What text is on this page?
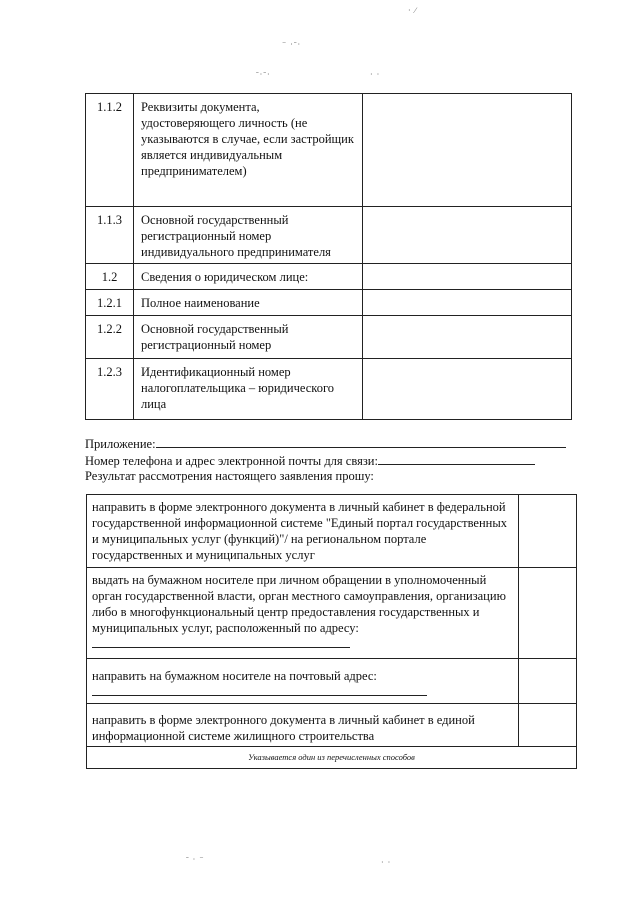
· ⁄
⁻ ·ˉ·
ˉ·ˉ·	· ·
1.1.2	Реквизиты документа, удостоверяющего личность (не указываются в случае, если застройщик является индивидуальным предпринимателем)	
1.1.3	Основной государственный регистрационный номер индивидуального предпринимателя	
1.2	Сведения о юридическом лице:	
1.2.1	Полное наименование	
1.2.2	Основной государственный регистрационный номер	
1.2.3	Идентификационный номер налогоплательщика – юридического лица	
Приложение:
Номер телефона и адрес электронной почты для связи:
Результат рассмотрения настоящего заявления прошу:
направить в форме электронного документа в личный кабинет в федеральной государственной информационной системе "Единый портал государственных и муниципальных услуг (функций)"/ на региональном портале государственных и муниципальных услуг	
выдать на бумажном носителе при личном обращении в уполномоченный орган государственной власти, орган местного самоуправления, организацию либо в многофункциональный центр предоставления государственных и муниципальных услуг, расположенный по адресу:	

направить на бумажном носителе на почтовый адрес:	

направить в форме электронного документа в личный кабинет в единой информационной системе жилищного строительства	
Указывается один из перечисленных способов	
ˉ · ⁻	· ·
